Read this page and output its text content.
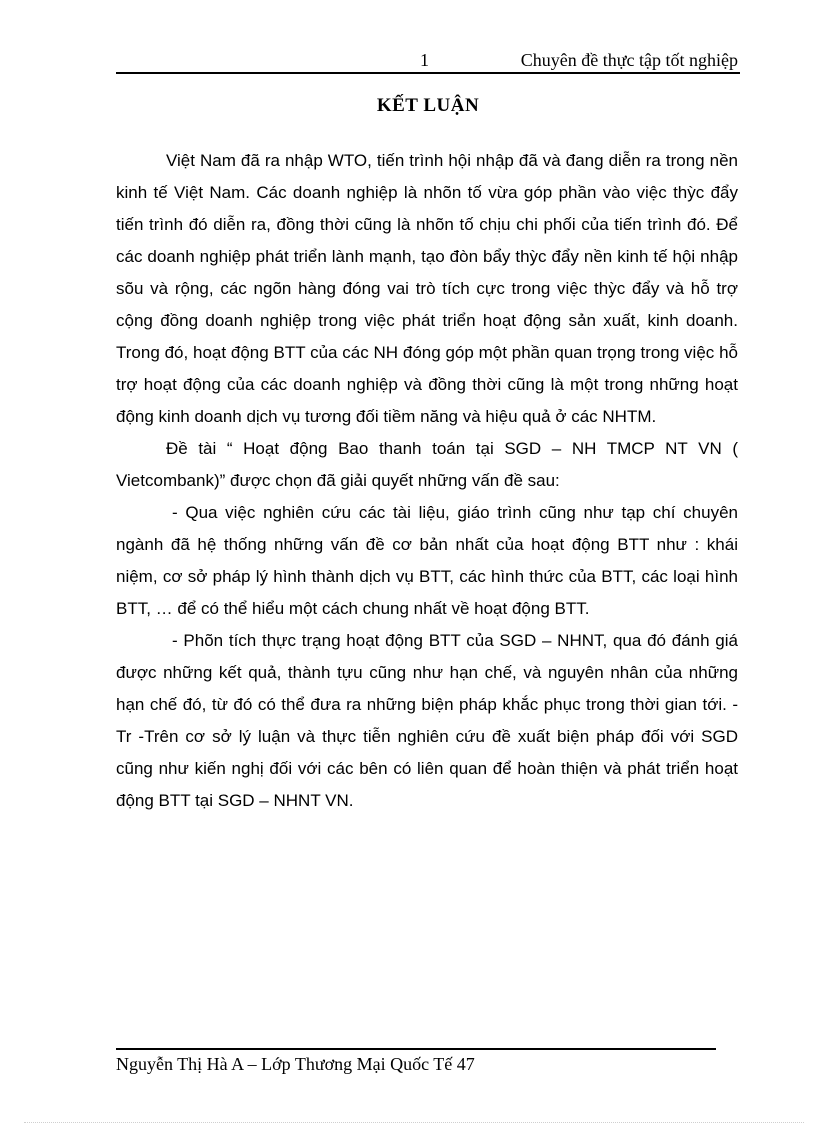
1	Chuyên đề thực tập tốt nghiệp
KẾT LUẬN

Việt Nam đã ra nhập WTO, tiến trình hội nhập đã và đang diễn ra trong nền kinh tế Việt Nam. Các doanh nghiệp là nhõn tố vừa góp phần vào việc thỳc đẩy tiến trình đó diễn ra, đồng thời cũng là nhõn tố chịu chi phối của tiến trình đó. Để các doanh nghiệp phát triển lành mạnh, tạo đòn bẩy thỳc đẩy nền kinh tế hội nhập sõu và rộng, các ngõn hàng đóng vai trò tích cực trong việc thỳc đẩy và hỗ trợ cộng đồng doanh nghiệp trong việc phát triển hoạt động sản xuất, kinh doanh. Trong đó, hoạt động BTT của các NH đóng góp một phần quan trọng trong việc hỗ trợ hoạt động của các doanh nghiệp và đồng thời cũng là một trong những hoạt động kinh doanh dịch vụ tương đối tiềm năng và hiệu quả ở các NHTM.

Đề tài “ Hoạt động Bao thanh toán tại SGD – NH TMCP NT VN ( Vietcombank)” được chọn đã giải quyết những vấn đề sau:

- Qua việc nghiên cứu các tài liệu, giáo trình cũng như tạp chí chuyên ngành đã hệ thống những vấn đề cơ bản nhất của hoạt động BTT như : khái niệm, cơ sở pháp lý hình thành dịch vụ BTT, các hình thức của BTT, các loại hình BTT, … để có thể hiểu một cách chung nhất về hoạt động BTT.

- Phõn tích thực trạng hoạt động BTT của SGD – NHNT, qua đó đánh giá được những kết quả, thành tựu cũng như hạn chế, và nguyên nhân của những hạn chế đó, từ đó có thể đưa ra những biện pháp khắc phục trong thời gian tới. -Tr -Trên cơ sở lý luận và thực tiễn nghiên cứu đề xuất biện pháp đối với SGD cũng như kiến nghị đối với các bên có liên quan để hoàn thiện và phát triển hoạt động BTT tại SGD – NHNT VN.

Nguyễn Thị Hà A – Lớp Thương Mại Quốc Tế 47
